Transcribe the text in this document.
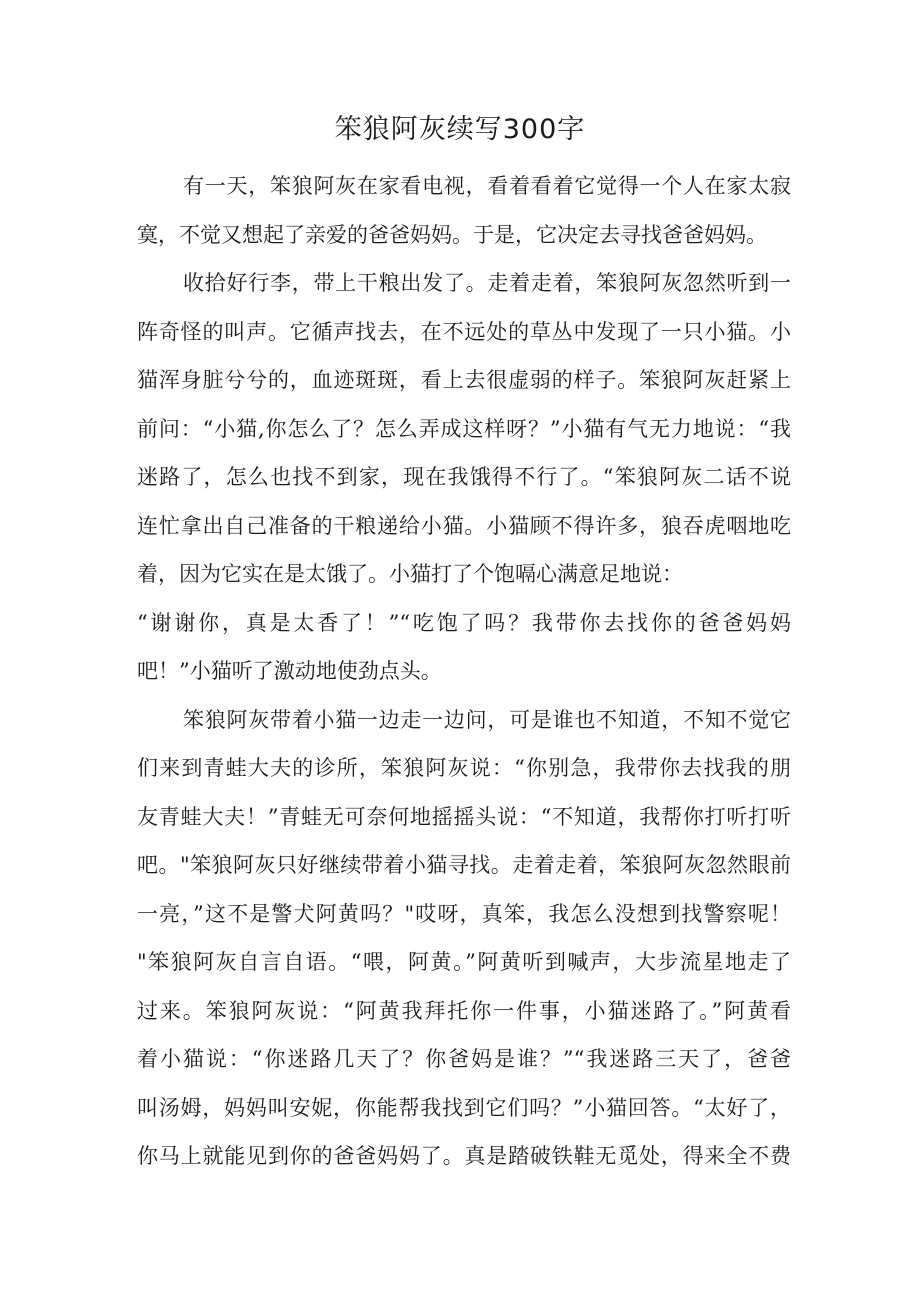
笨狼阿灰续写300字
有一天，笨狼阿灰在家看电视，看着看着它觉得一个人在家太寂
寞，不觉又想起了亲爱的爸爸妈妈。于是，它决定去寻找爸爸妈妈。
收拾好行李，带上干粮出发了。走着走着，笨狼阿灰忽然听到一
阵奇怪的叫声。它循声找去，在不远处的草丛中发现了一只小猫。小
猫浑身脏兮兮的，血迹斑斑，看上去很虚弱的样子。笨狼阿灰赶紧上
前问：“小猫,你怎么了？怎么弄成这样呀？”小猫有气无力地说：“我
迷路了，怎么也找不到家，现在我饿得不行了。“笨狼阿灰二话不说
连忙拿出自己准备的干粮递给小猫。小猫顾不得许多，狼吞虎咽地吃
着，因为它实在是太饿了。小猫打了个饱嗝心满意足地说：
“谢谢你，真是太香了！”“吃饱了吗？我带你去找你的爸爸妈妈
吧！”小猫听了激动地使劲点头。
笨狼阿灰带着小猫一边走一边问，可是谁也不知道，不知不觉它
们来到青蛙大夫的诊所，笨狼阿灰说：“你别急，我带你去找我的朋
友青蛙大夫！”青蛙无可奈何地摇摇头说：“不知道，我帮你打听打听
吧。"笨狼阿灰只好继续带着小猫寻找。走着走着，笨狼阿灰忽然眼前
一亮，”这不是警犬阿黄吗？"哎呀，真笨，我怎么没想到找警察呢！
"笨狼阿灰自言自语。“喂，阿黄。”阿黄听到喊声，大步流星地走了
过来。笨狼阿灰说：“阿黄我拜托你一件事，小猫迷路了。”阿黄看
着小猫说：“你迷路几天了？你爸妈是谁？”“我迷路三天了，爸爸
叫汤姆，妈妈叫安妮，你能帮我找到它们吗？”小猫回答。“太好了，
你马上就能见到你的爸爸妈妈了。真是踏破铁鞋无觅处，得来全不费
